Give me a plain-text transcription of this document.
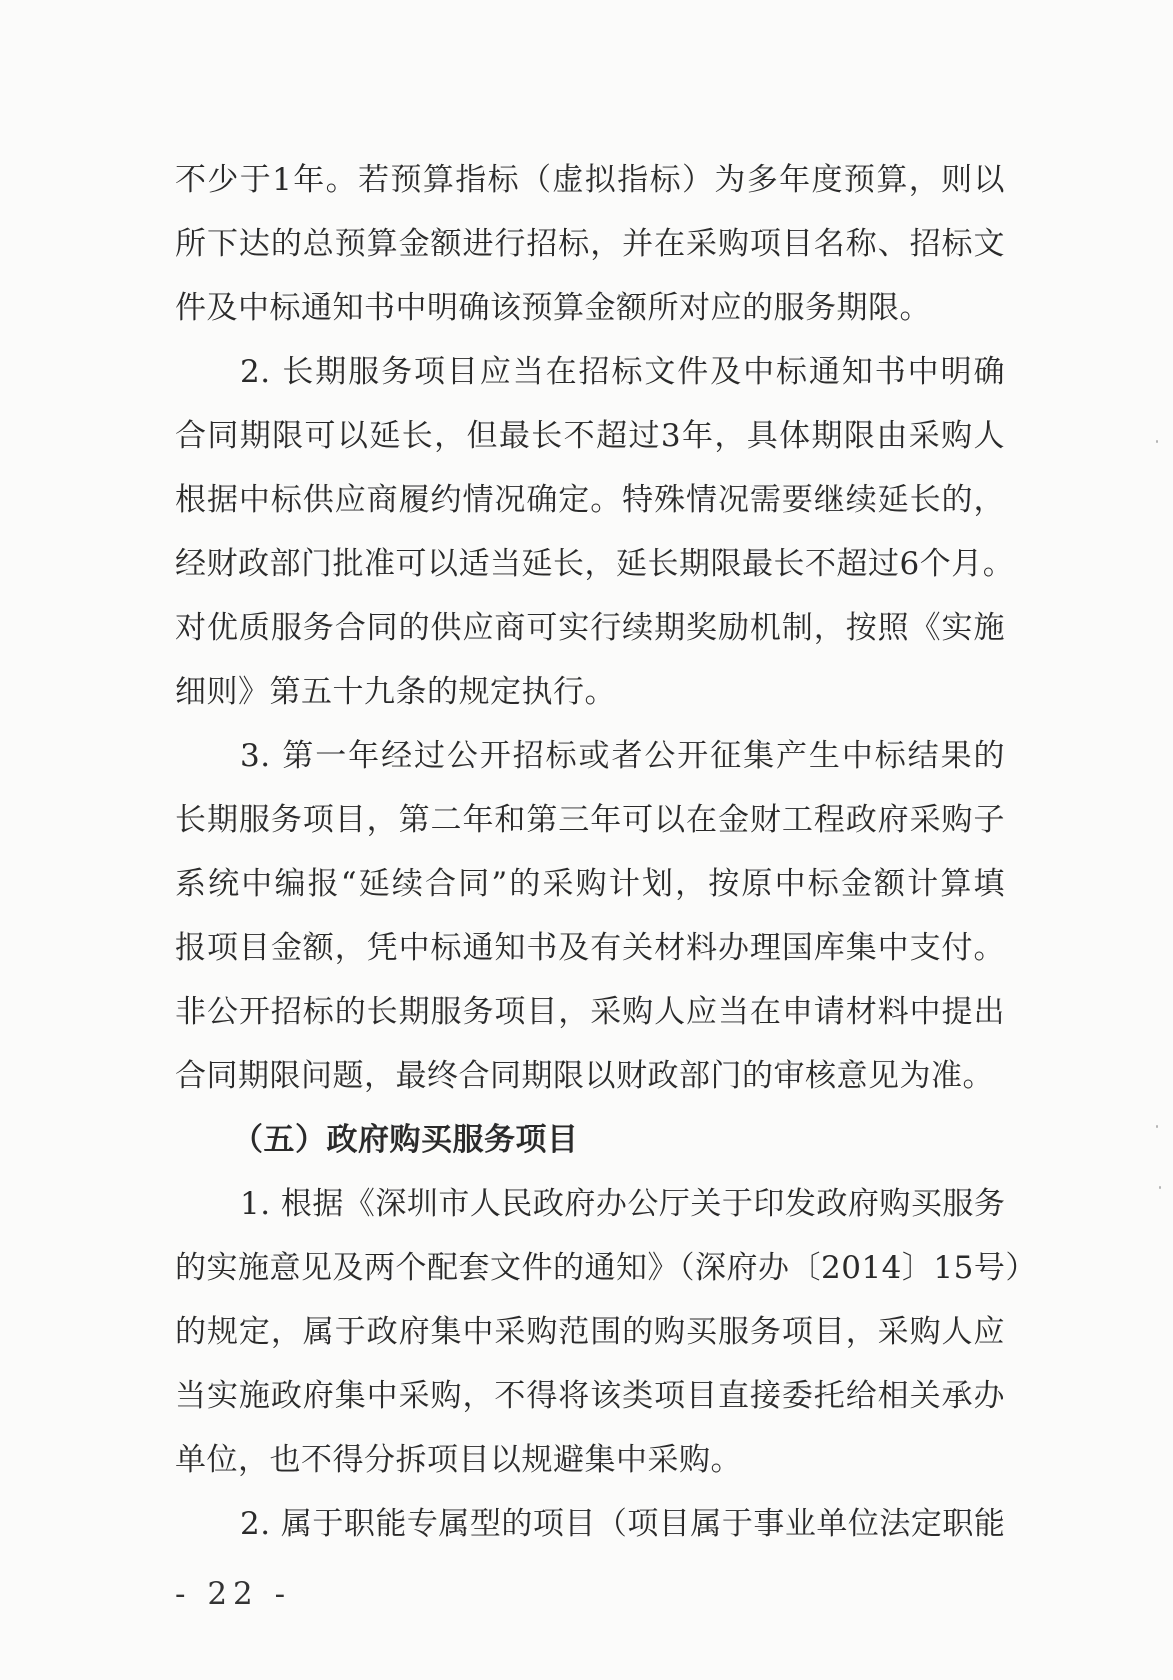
不少于1年。若预算指标（虚拟指标）为多年度预算，则以
所下达的总预算金额进行招标，并在采购项目名称、招标文
件及中标通知书中明确该预算金额所对应的服务期限。
2. 长期服务项目应当在招标文件及中标通知书中明确
合同期限可以延长，但最长不超过3年，具体期限由采购人
根据中标供应商履约情况确定。特殊情况需要继续延长的，
经财政部门批准可以适当延长，延长期限最长不超过6个月。
对优质服务合同的供应商可实行续期奖励机制，按照《实施
细则》第五十九条的规定执行。
3. 第一年经过公开招标或者公开征集产生中标结果的
长期服务项目，第二年和第三年可以在金财工程政府采购子
系统中编报“延续合同”的采购计划，按原中标金额计算填
报项目金额，凭中标通知书及有关材料办理国库集中支付。
非公开招标的长期服务项目，采购人应当在申请材料中提出
合同期限问题，最终合同期限以财政部门的审核意见为准。
（五）政府购买服务项目
1. 根据《深圳市人民政府办公厅关于印发政府购买服务
的实施意见及两个配套文件的通知》（深府办〔2014〕15号）
的规定，属于政府集中采购范围的购买服务项目，采购人应
当实施政府集中采购，不得将该类项目直接委托给相关承办
单位，也不得分拆项目以规避集中采购。
2. 属于职能专属型的项目（项目属于事业单位法定职能
- 22 -
